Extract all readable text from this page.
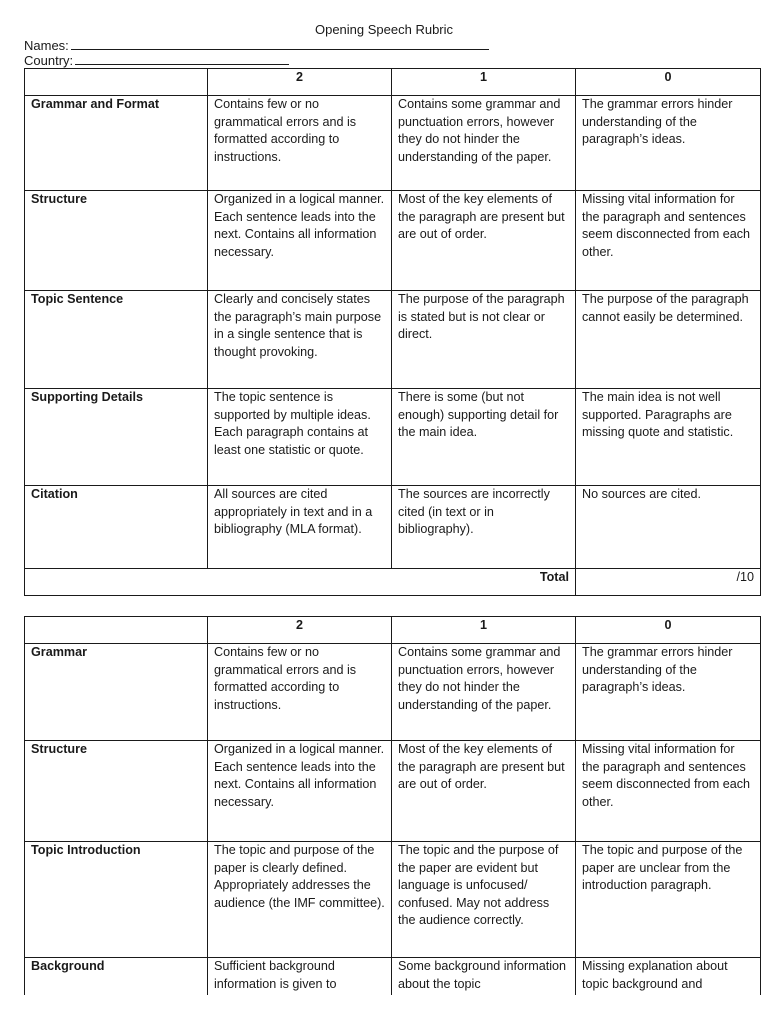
Opening Speech Rubric
Names:
Country:
	2	1	0
Grammar and Format	Contains few or no grammatical errors and is formatted according to instructions.	Contains some grammar and punctuation errors, however they do not hinder the understanding of the paper.	The grammar errors hinder understanding of the paragraph’s ideas.
Structure	Organized in a logical manner. Each sentence leads into the next. Contains all information necessary.	Most of the key elements of the paragraph are present but are out of order.	Missing vital information for the paragraph and sentences seem disconnected from each other.
Topic Sentence	Clearly and concisely states the paragraph’s main purpose in a single sentence that is thought provoking.	The purpose of the paragraph is stated but is not clear or direct.	The purpose of the paragraph cannot easily be determined.
Supporting Details	The topic sentence is supported by multiple ideas. Each paragraph contains at least one statistic or quote.	There is some (but not enough) supporting detail for the main idea.	The main idea is not well supported. Paragraphs are missing quote and statistic.
Citation	All sources are cited appropriately in text and in a bibliography (MLA format).	The sources are incorrectly cited (in text or in bibliography).	No sources are cited.
Total			/10
	2	1	0
Grammar	Contains few or no grammatical errors and is formatted according to instructions.	Contains some grammar and punctuation errors, however they do not hinder the understanding of the paper.	The grammar errors hinder understanding of the paragraph’s ideas.
Structure	Organized in a logical manner. Each sentence leads into the next. Contains all information necessary.	Most of the key elements of the paragraph are present but are out of order.	Missing vital information for the paragraph and sentences seem disconnected from each other.
Topic Introduction	The topic and purpose of the paper is clearly defined. Appropriately addresses the audience (the IMF committee).	The topic and the purpose of the paper are evident but language is unfocused/ confused. May not address the audience correctly.	The topic and purpose of the paper are unclear from the introduction paragraph.
Background	Sufficient background information is given to	Some background information about the topic	Missing explanation about topic background and
